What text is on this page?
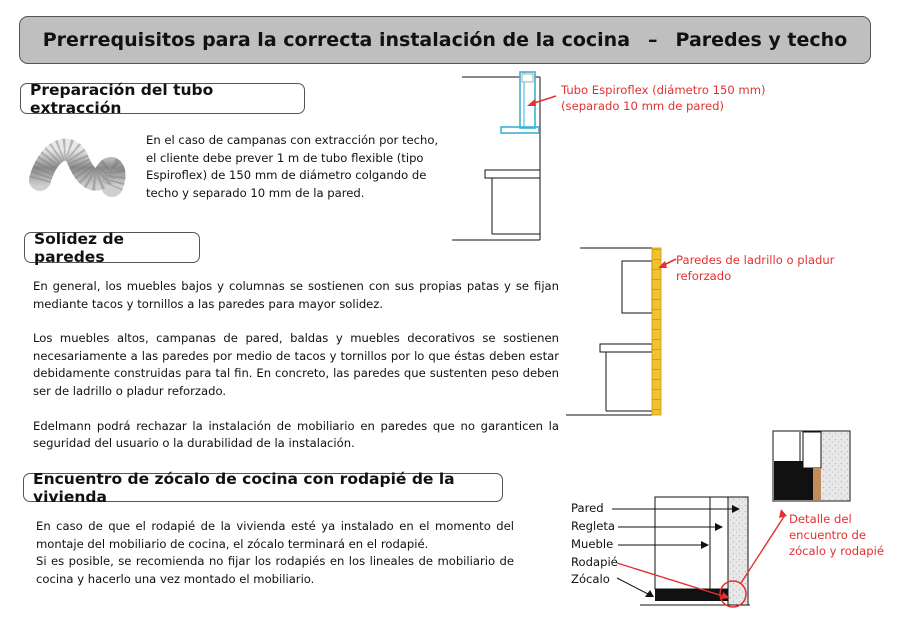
Prerrequisitos para la correcta instalación de la cocina – Paredes y techo
Preparación del tubo extracción

En el caso de campanas con extracción por techo,

el cliente debe prever 1 m de tubo flexible (tipo

Espiroflex) de 150 mm de diámetro colgando de

techo y separado 10 mm de la pared.

Tubo Espiroflex (diámetro 150 mm)
(separado 10 mm de pared)
Solidez de paredes

En general, los muebles bajos y columnas se sostienen con sus propias patas y se fijan mediante tacos y tornillos a las paredes para mayor solidez.

Los muebles altos, campanas de pared, baldas y muebles decorativos se sostienen necesariamente a las paredes por medio de tacos y tornillos por lo que éstas deben estar debidamente construidas para tal fin. En concreto, las paredes que sustenten peso deben ser de ladrillo o pladur reforzado.

Edelmann podrá rechazar la instalación de mobiliario en paredes que no garanticen la seguridad del usuario o la durabilidad de la instalación.

Paredes de ladrillo o pladur
reforzado
Encuentro de zócalo de cocina con rodapié de la vivienda

En caso de que el rodapié de la vivienda esté ya instalado en el momento del montaje del mobiliario de cocina, el zócalo terminará en el rodapié.

Si es posible, se recomienda no fijar los rodapiés en los lineales de mobiliario de cocina y hacerlo una vez montado el mobiliario.

Pared
Regleta
Mueble
Rodapié
Zócalo
Detalle del
encuentro de
zócalo y rodapié
